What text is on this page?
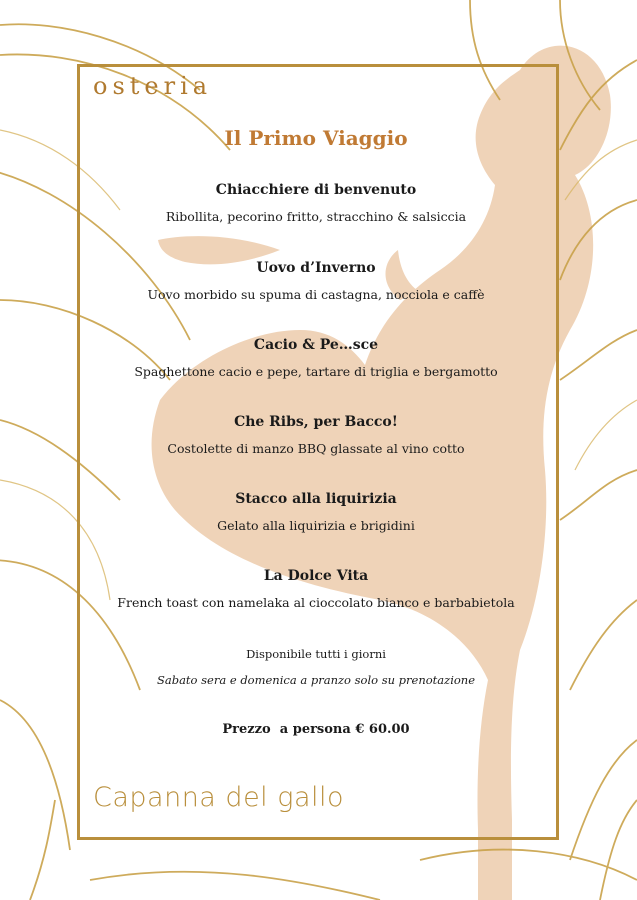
osteria
Il Primo Viaggio
Chiacchiere di benvenuto
Ribollita, pecorino fritto, stracchino & salsiccia
Uovo d’Inverno
Uovo morbido su spuma di castagna, nocciola e caffè
Cacio & Pe…sce
Spaghettone cacio e pepe, tartare di triglia e bergamotto
Che Ribs, per Bacco!
Costolette di manzo BBQ glassate al vino cotto
Stacco alla liquirizia
Gelato alla liquirizia e brigidini
La Dolce Vita
French toast con namelaka al cioccolato bianco e barbabietola
Disponibile tutti i giorni
Sabato sera e domenica a pranzo solo su prenotazione
Prezzo  a persona € 60.00
Capanna del gallo
